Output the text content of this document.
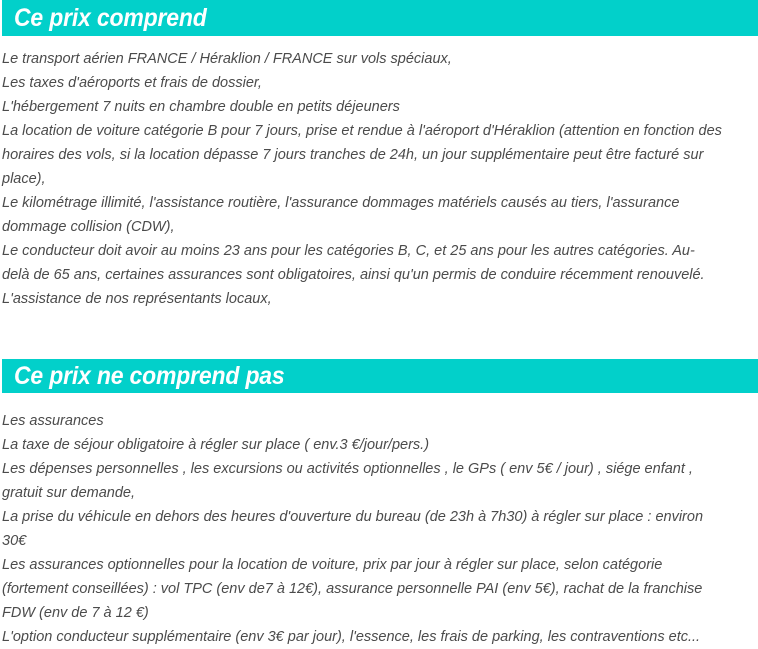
Ce prix comprend
Le transport aérien FRANCE / Héraklion / FRANCE sur vols spéciaux,
Les taxes d'aéroports et frais de dossier,
L'hébergement 7 nuits en chambre double en petits déjeuners
La location de voiture catégorie B pour 7 jours, prise et rendue à l'aéroport d'Héraklion (attention en fonction des horaires des vols, si la location dépasse 7 jours tranches de 24h, un jour supplémentaire peut être facturé sur place),
Le kilométrage illimité, l'assistance routière, l'assurance dommages matériels causés au tiers, l'assurance dommage collision (CDW),
Le conducteur doit avoir au moins 23 ans pour les catégories B, C, et 25 ans pour les autres catégories. Au-delà de 65 ans, certaines assurances sont obligatoires, ainsi qu'un permis de conduire récemment renouvelé.
L'assistance de nos représentants locaux,
Ce prix ne comprend pas
Les assurances
La taxe de séjour obligatoire à régler sur place ( env.3 €/jour/pers.)
Les dépenses personnelles , les excursions ou activités optionnelles , le GPs ( env 5€ / jour) , siége enfant , gratuit sur demande,
La prise du véhicule en dehors des heures d'ouverture du bureau (de 23h à 7h30) à régler sur place : environ 30€
Les assurances optionnelles pour la location de voiture, prix par jour à régler sur place, selon catégorie (fortement conseillées) : vol TPC (env de7 à 12€), assurance personnelle PAI (env 5€), rachat de la franchise FDW (env de 7 à 12 €)
L'option conducteur supplémentaire (env 3€ par jour), l'essence, les frais de parking, les contraventions etc...
